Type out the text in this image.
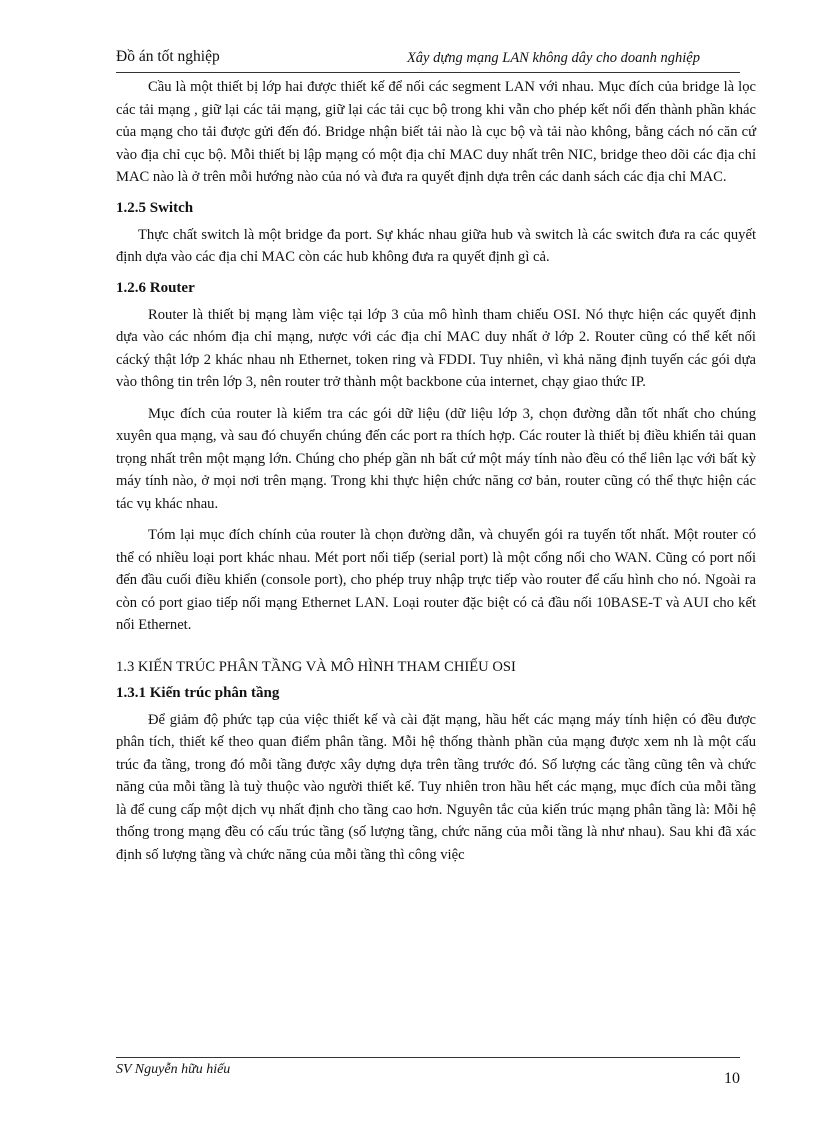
Đồ án tốt nghiệp	Xây dựng mạng LAN không dây cho doanh nghiệp

Cầu là một thiết bị lớp hai được thiết kế để nối các segment LAN với nhau. Mục đích của bridge là lọc các tải mạng , giữ lại các tải mạng, giữ lại các tải cục bộ trong khi vẫn cho phép kết nối đến thành phần khác của mạng cho tải được gửi đến đó. Bridge nhận biết tải nào là cục bộ và tải nào không, bằng cách nó căn cứ vào địa chỉ cục bộ. Mỗi thiết bị lập mạng có một địa chỉ MAC duy nhất trên NIC, bridge theo dõi các địa chỉ MAC nào là ở trên mỗi hướng nào của nó và đưa ra quyết định dựa trên các danh sách các địa chỉ MAC.

1.2.5 Switch

Thực chất switch là một bridge đa port. Sự khác nhau giữa hub và switch là các switch đưa ra các quyết định dựa vào các địa chỉ MAC còn các hub không đưa ra quyết định gì cả.

1.2.6 Router

Router là thiết bị mạng làm việc tại lớp 3 của mô hình tham chiếu OSI. Nó thực hiện các quyết định dựa vào các nhóm địa chỉ mạng, nược với các địa chỉ MAC duy nhất ở lớp 2. Router cũng có thể kết nối cácký thật lớp 2 khác nhau nh Ethernet, token ring và FDDI. Tuy nhiên, vì khả năng định tuyến các gói dựa vào thông tin trên lớp 3, nên router trở thành một backbone của internet, chạy giao thức IP.

Mục đích của router là kiểm tra các gói dữ liệu (dữ liệu lớp 3, chọn đường dẫn tốt nhất cho chúng xuyên qua mạng, và sau đó chuyển chúng đến các port ra thích hợp. Các router là thiết bị điều khiển tải quan trọng nhất trên một mạng lớn. Chúng cho phép gần nh bất cứ một máy tính nào đều có thể liên lạc với bất kỳ máy tính nào, ở mọi nơi trên mạng. Trong khi thực hiện chức năng cơ bản, router cũng có thể thực hiện các tác vụ khác nhau.

Tóm lại mục đích chính của router là chọn đường dẫn, và chuyển gói ra tuyến tốt nhất. Một router có thể có nhiều loại port khác nhau. Mét port nối tiếp (serial port) là một cổng nối cho WAN. Cũng có port nối đến đầu cuối điều khiển (console port), cho phép truy nhập trực tiếp vào router để cấu hình cho nó. Ngoài ra còn có port giao tiếp nối mạng Ethernet LAN. Loại router đặc biệt có cả đầu nối 10BASE-T và AUI cho kết nối Ethernet.

1.3 KIẾN TRÚC PHÂN TẦNG VÀ MÔ HÌNH THAM CHIẾU OSI
1.3.1 Kiến trúc phân tầng

Để giảm độ phức tạp của việc thiết kế và cài đặt mạng, hầu hết các mạng máy tính hiện có đều được phân tích, thiết kế theo quan điểm phân tầng. Mỗi hệ thống thành phần của mạng được xem nh là một cấu trúc đa tầng, trong đó mỗi tầng được xây dựng dựa trên tầng trước đó. Số lượng các tầng cũng tên và chức năng của mỗi tầng là tuỳ thuộc vào người thiết kế. Tuy nhiên tron hầu hết các mạng, mục đích của mỗi tầng là để cung cấp một dịch vụ nhất định cho tầng cao hơn. Nguyên tắc của kiến trúc mạng phân tầng là: Mỗi hệ thống trong mạng đều có cấu trúc tầng (số lượng tầng, chức năng của mỗi tầng là như nhau). Sau khi đã xác định số lượng tầng và chức năng của mỗi tầng thì công việc

SV Nguyễn hữu hiếu
10
